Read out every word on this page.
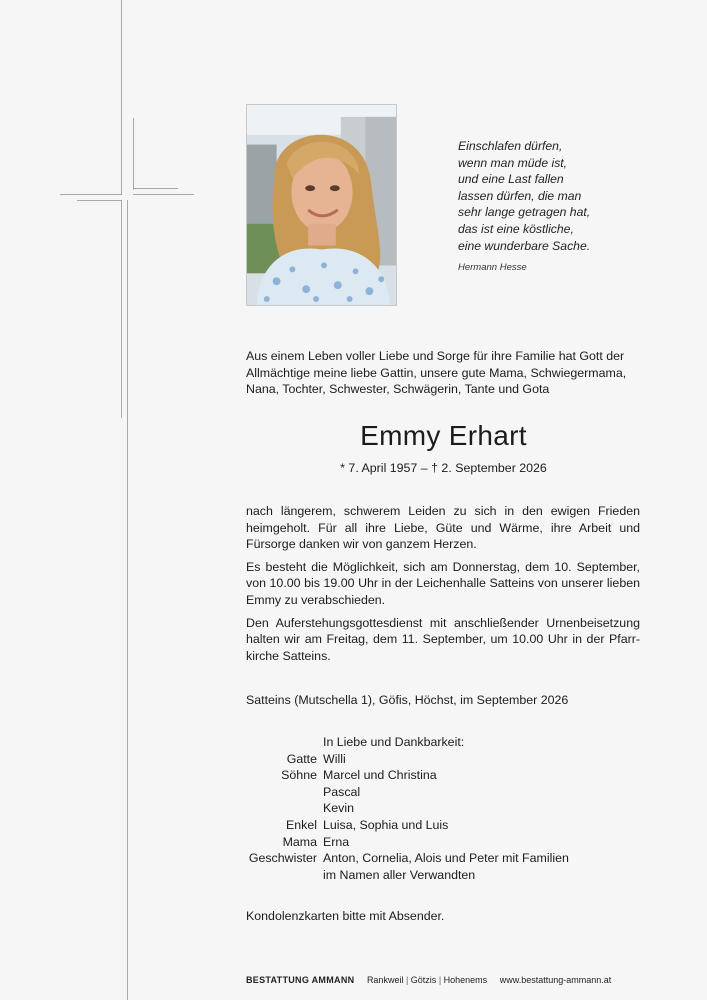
Einschlafen dürfen,
wenn man müde ist,
und eine Last fallen
lassen dürfen, die man
sehr lange getragen hat,
das ist eine köstliche,
eine wunderbare Sache.
Hermann Hesse
Aus einem Leben voller Liebe und Sorge für ihre Familie hat Gott der
Allmächtige meine liebe Gattin, unsere gute Mama, Schwiegermama,
Nana, Tochter, Schwester, Schwägerin, Tante und Gota
Emmy Erhart
* 7. April 1957 – † 2. September 2026

nach längerem, schwerem Leiden zu sich in den ewigen Frieden
heimgeholt. Für all ihre Liebe, Güte und Wärme, ihre Arbeit und
Fürsorge danken wir von ganzem Herzen.

Es besteht die Möglichkeit, sich am Donnerstag, dem 10. September,
von 10.00 bis 19.00 Uhr in der Leichenhalle Satteins von unserer lieben
Emmy zu verabschieden.

Den Auferstehungsgottesdienst mit anschließender Urnenbeisetzung
halten wir am Freitag, dem 11. September, um 10.00 Uhr in der Pfarr-
kirche Satteins.

Satteins (Mutschella 1), Göfis, Höchst, im September 2026
In Liebe und Dankbarkeit:
Gatte Willi
Söhne Marcel und Christina
Pascal
Kevin
Enkel Luisa, Sophia und Luis
Mama Erna
Geschwister Anton, Cornelia, Alois und Peter mit Familien
im Namen aller Verwandten
Kondolenzkarten bitte mit Absender.
BESTATTUNG AMMANN Rankweil | Götzis | Hohenems www.bestattung-ammann.at
